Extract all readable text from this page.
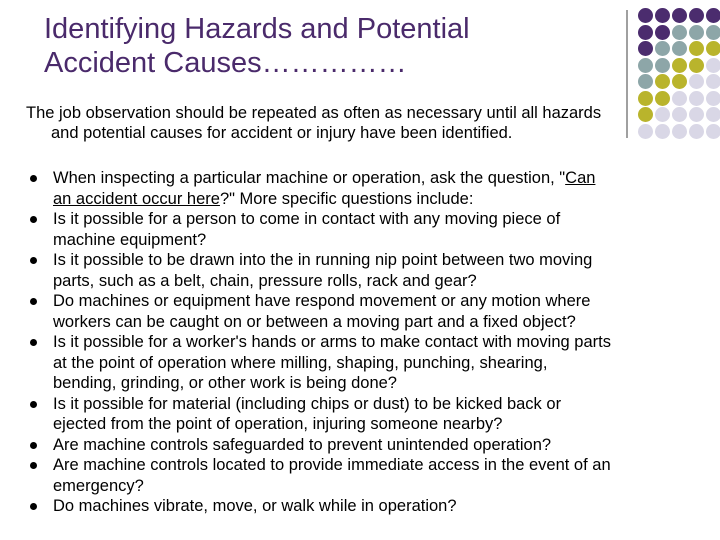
Identifying Hazards and Potential
Accident Causes……………

The job observation should be repeated as often as necessary until all hazards
and potential causes for accident or injury have been identified.

When inspecting a particular machine or operation, ask the question, "Can
an accident occur here?" More specific questions include:
Is it possible for a person to come in contact with any moving piece of
machine equipment?
Is it possible to be drawn into the in running nip point between two moving
parts, such as a belt, chain, pressure rolls, rack and gear?
Do machines or equipment have respond movement or any motion where
workers can be caught on or between a moving part and a fixed object?
Is it possible for a worker's hands or arms to make contact with moving parts
at the point of operation where milling, shaping, punching, shearing,
bending, grinding, or other work is being done?
Is it possible for material (including chips or dust) to be kicked back or
ejected from the point of operation, injuring someone nearby?
Are machine controls safeguarded to prevent unintended operation?
Are machine controls located to provide immediate access in the event of an
emergency?
Do machines vibrate, move, or walk while in operation?
